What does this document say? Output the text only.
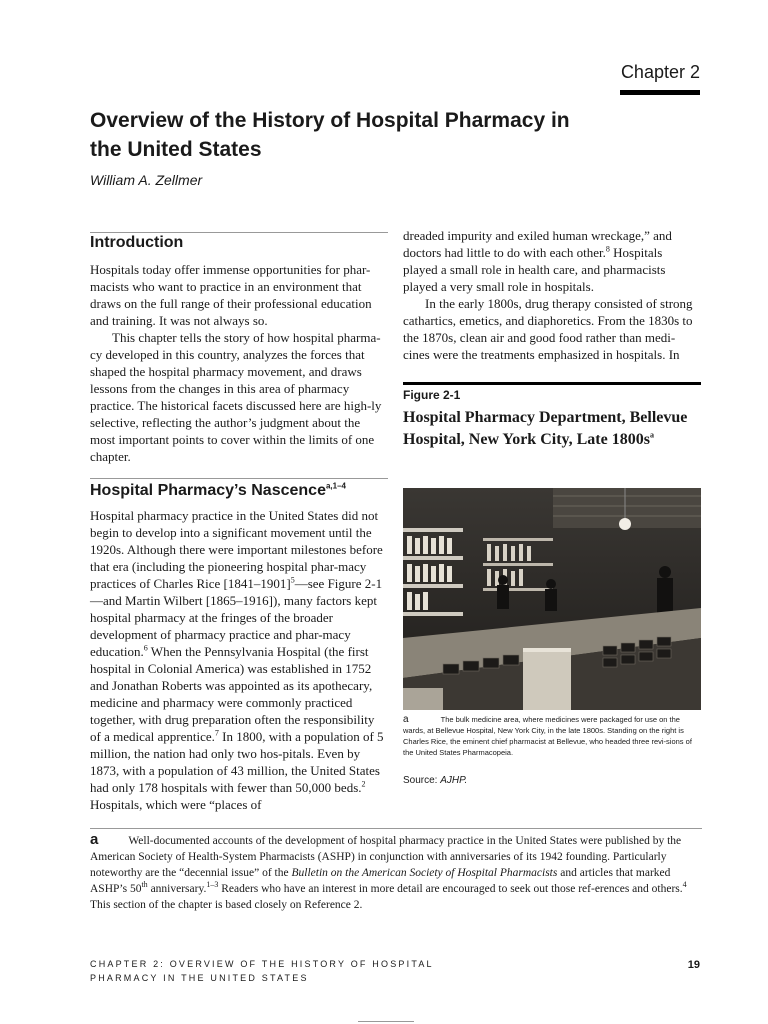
Chapter 2
Overview of the History of Hospital Pharmacy in the United States
William A. Zellmer
Introduction

Hospitals today offer immense opportunities for phar-macists who want to practice in an environment that draws on the full range of their professional education and training. It was not always so.

This chapter tells the story of how hospital pharma-cy developed in this country, analyzes the forces that shaped the hospital pharmacy movement, and draws lessons from the changes in this area of pharmacy practice. The historical facets discussed here are high-ly selective, reflecting the author’s judgment about the most important points to cover within the limits of one chapter.

Hospital Pharmacy’s Nascence$^{a,1-4}$

Hospital pharmacy practice in the United States did not begin to develop into a significant movement until the 1920s. Although there were important milestones before that era (including the pioneering hospital phar-macy practices of Charles Rice [1841–1901]$^5$—see Figure 2-1—and Martin Wilbert [1865–1916]), many factors kept hospital pharmacy at the fringes of the broader development of pharmacy practice and phar-macy education.$^6$ When the Pennsylvania Hospital (the first hospital in Colonial America) was established in 1752 and Jonathan Roberts was appointed as its apothecary, medicine and pharmacy were commonly practiced together, with drug preparation often the responsibility of a medical apprentice.$^7$ In 1800, with a population of 5 million, the nation had only two hos-pitals. Even by 1873, with a population of 43 million, the United States had only 178 hospitals with fewer than 50,000 beds.$^2$ Hospitals, which were “places of

dreaded impurity and exiled human wreckage,” and doctors had little to do with each other.$^8$ Hospitals played a small role in health care, and pharmacists played a very small role in hospitals.

In the early 1800s, drug therapy consisted of strong cathartics, emetics, and diaphoretics. From the 1830s to the 1870s, clean air and good food rather than medi-cines were the treatments emphasized in hospitals. In

Figure 2-1
Hospital Pharmacy Department, Bellevue Hospital, New York City, Late $1800s^a$
a	The bulk medicine area, where medicines were packaged for use on the wards, at Bellevue Hospital, New York City, in the late 1800s. Standing on the right is Charles Rice, the eminent chief pharmacist at Bellevue, who headed three revi-sions of the United States Pharmacopeia.
Source: AJHP.
a	Well-documented accounts of the development of hospital pharmacy practice in the United States were published by the American Society of Health-System Pharmacists (ASHP) in conjunction with anniversaries of its 1942 founding. Particularly noteworthy are the “decennial issue” of the Bulletin on the American Society of Hospital Pharmacists and articles that marked ASHP’s 50th anniversary.$^{1-3}$ Readers who have an interest in more detail are encouraged to seek out those ref-erences and others.$^4$ This section of the chapter is based closely on Reference 2.
CHAPTER 2: OVERVIEW OF THE HISTORY OF HOSPITAL PHARMACY IN THE UNITED STATES
19
